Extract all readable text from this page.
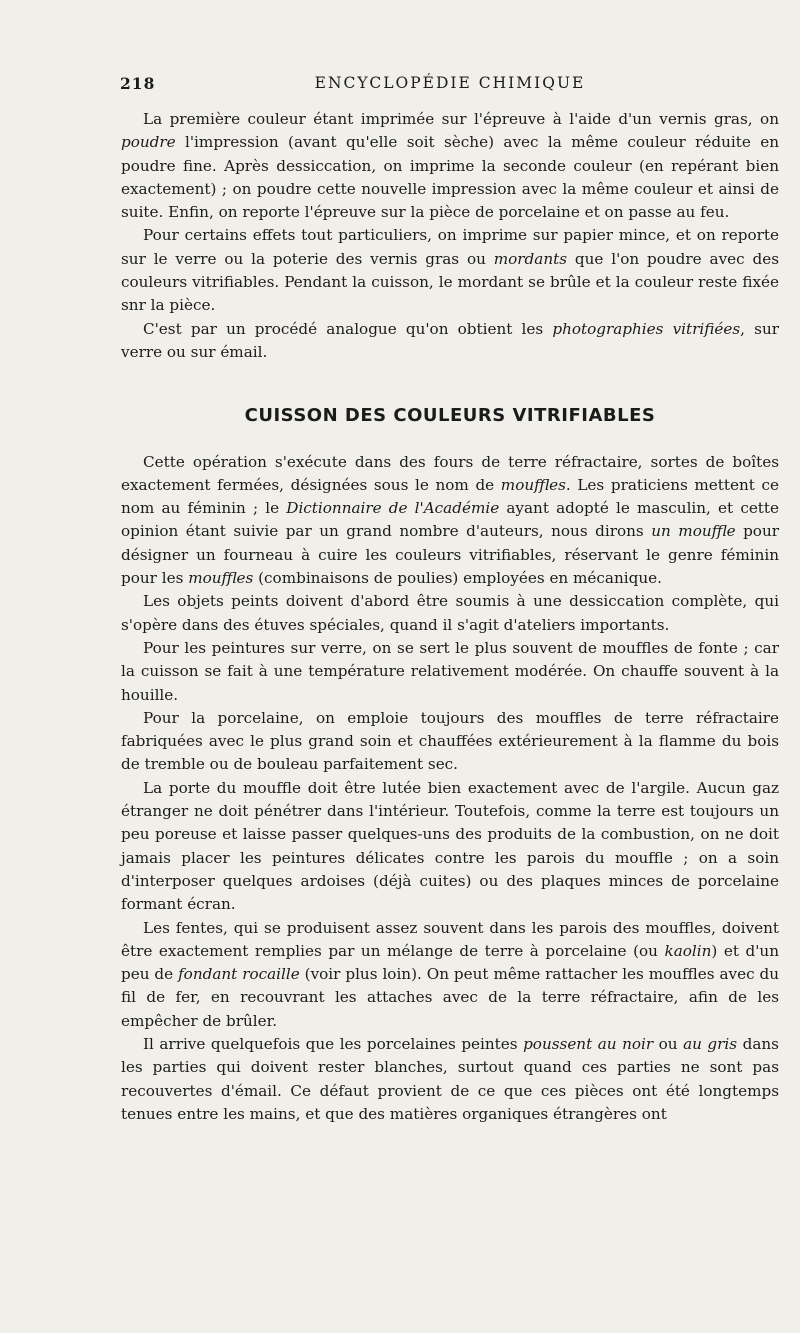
218	ENCYCLOPÉDIE CHIMIQUE

La première couleur étant imprimée sur l'épreuve à l'aide d'un vernis gras, on poudre l'impression (avant qu'elle soit sèche) avec la même couleur réduite en poudre fine. Après dessiccation, on imprime la seconde couleur (en repérant bien exactement) ; on poudre cette nouvelle impression avec la même couleur et ainsi de suite. Enfin, on reporte l'épreuve sur la pièce de porcelaine et on passe au feu.

Pour certains effets tout particuliers, on imprime sur papier mince, et on reporte sur le verre ou la poterie des vernis gras ou mordants que l'on poudre avec des couleurs vitrifiables. Pendant la cuisson, le mordant se brûle et la couleur reste fixée snr la pièce.

C'est par un procédé analogue qu'on obtient les photographies vitrifiées, sur verre ou sur émail.

CUISSON DES COULEURS VITRIFIABLES

Cette opération s'exécute dans des fours de terre réfractaire, sortes de boîtes exactement fermées, désignées sous le nom de mouffles. Les praticiens mettent ce nom au féminin ; le Dictionnaire de l'Académie ayant adopté le masculin, et cette opinion étant suivie par un grand nombre d'auteurs, nous dirons un mouffle pour désigner un fourneau à cuire les couleurs vitrifiables, réservant le genre féminin pour les mouffles (combinaisons de poulies) employées en mécanique.

Les objets peints doivent d'abord être soumis à une dessiccation complète, qui s'opère dans des étuves spéciales, quand il s'agit d'ateliers importants.

Pour les peintures sur verre, on se sert le plus souvent de mouffles de fonte ; car la cuisson se fait à une température relativement modérée. On chauffe souvent à la houille.

Pour la porcelaine, on emploie toujours des mouffles de terre réfractaire fabriquées avec le plus grand soin et chauffées extérieurement à la flamme du bois de tremble ou de bouleau parfaitement sec.

La porte du mouffle doit être lutée bien exactement avec de l'argile. Aucun gaz étranger ne doit pénétrer dans l'intérieur. Toutefois, comme la terre est toujours un peu poreuse et laisse passer quelques-uns des produits de la combustion, on ne doit jamais placer les peintures délicates contre les parois du mouffle ; on a soin d'interposer quelques ardoises (déjà cuites) ou des plaques minces de porcelaine formant écran.

Les fentes, qui se produisent assez souvent dans les parois des mouffles, doivent être exactement remplies par un mélange de terre à porcelaine (ou kaolin) et d'un peu de fondant rocaille (voir plus loin). On peut même rattacher les mouffles avec du fil de fer, en recouvrant les attaches avec de la terre réfractaire, afin de les empêcher de brûler.

Il arrive quelquefois que les porcelaines peintes poussent au noir ou au gris dans les parties qui doivent rester blanches, surtout quand ces parties ne sont pas recouvertes d'émail. Ce défaut provient de ce que ces pièces ont été longtemps tenues entre les mains, et que des matières organiques étrangères ont
